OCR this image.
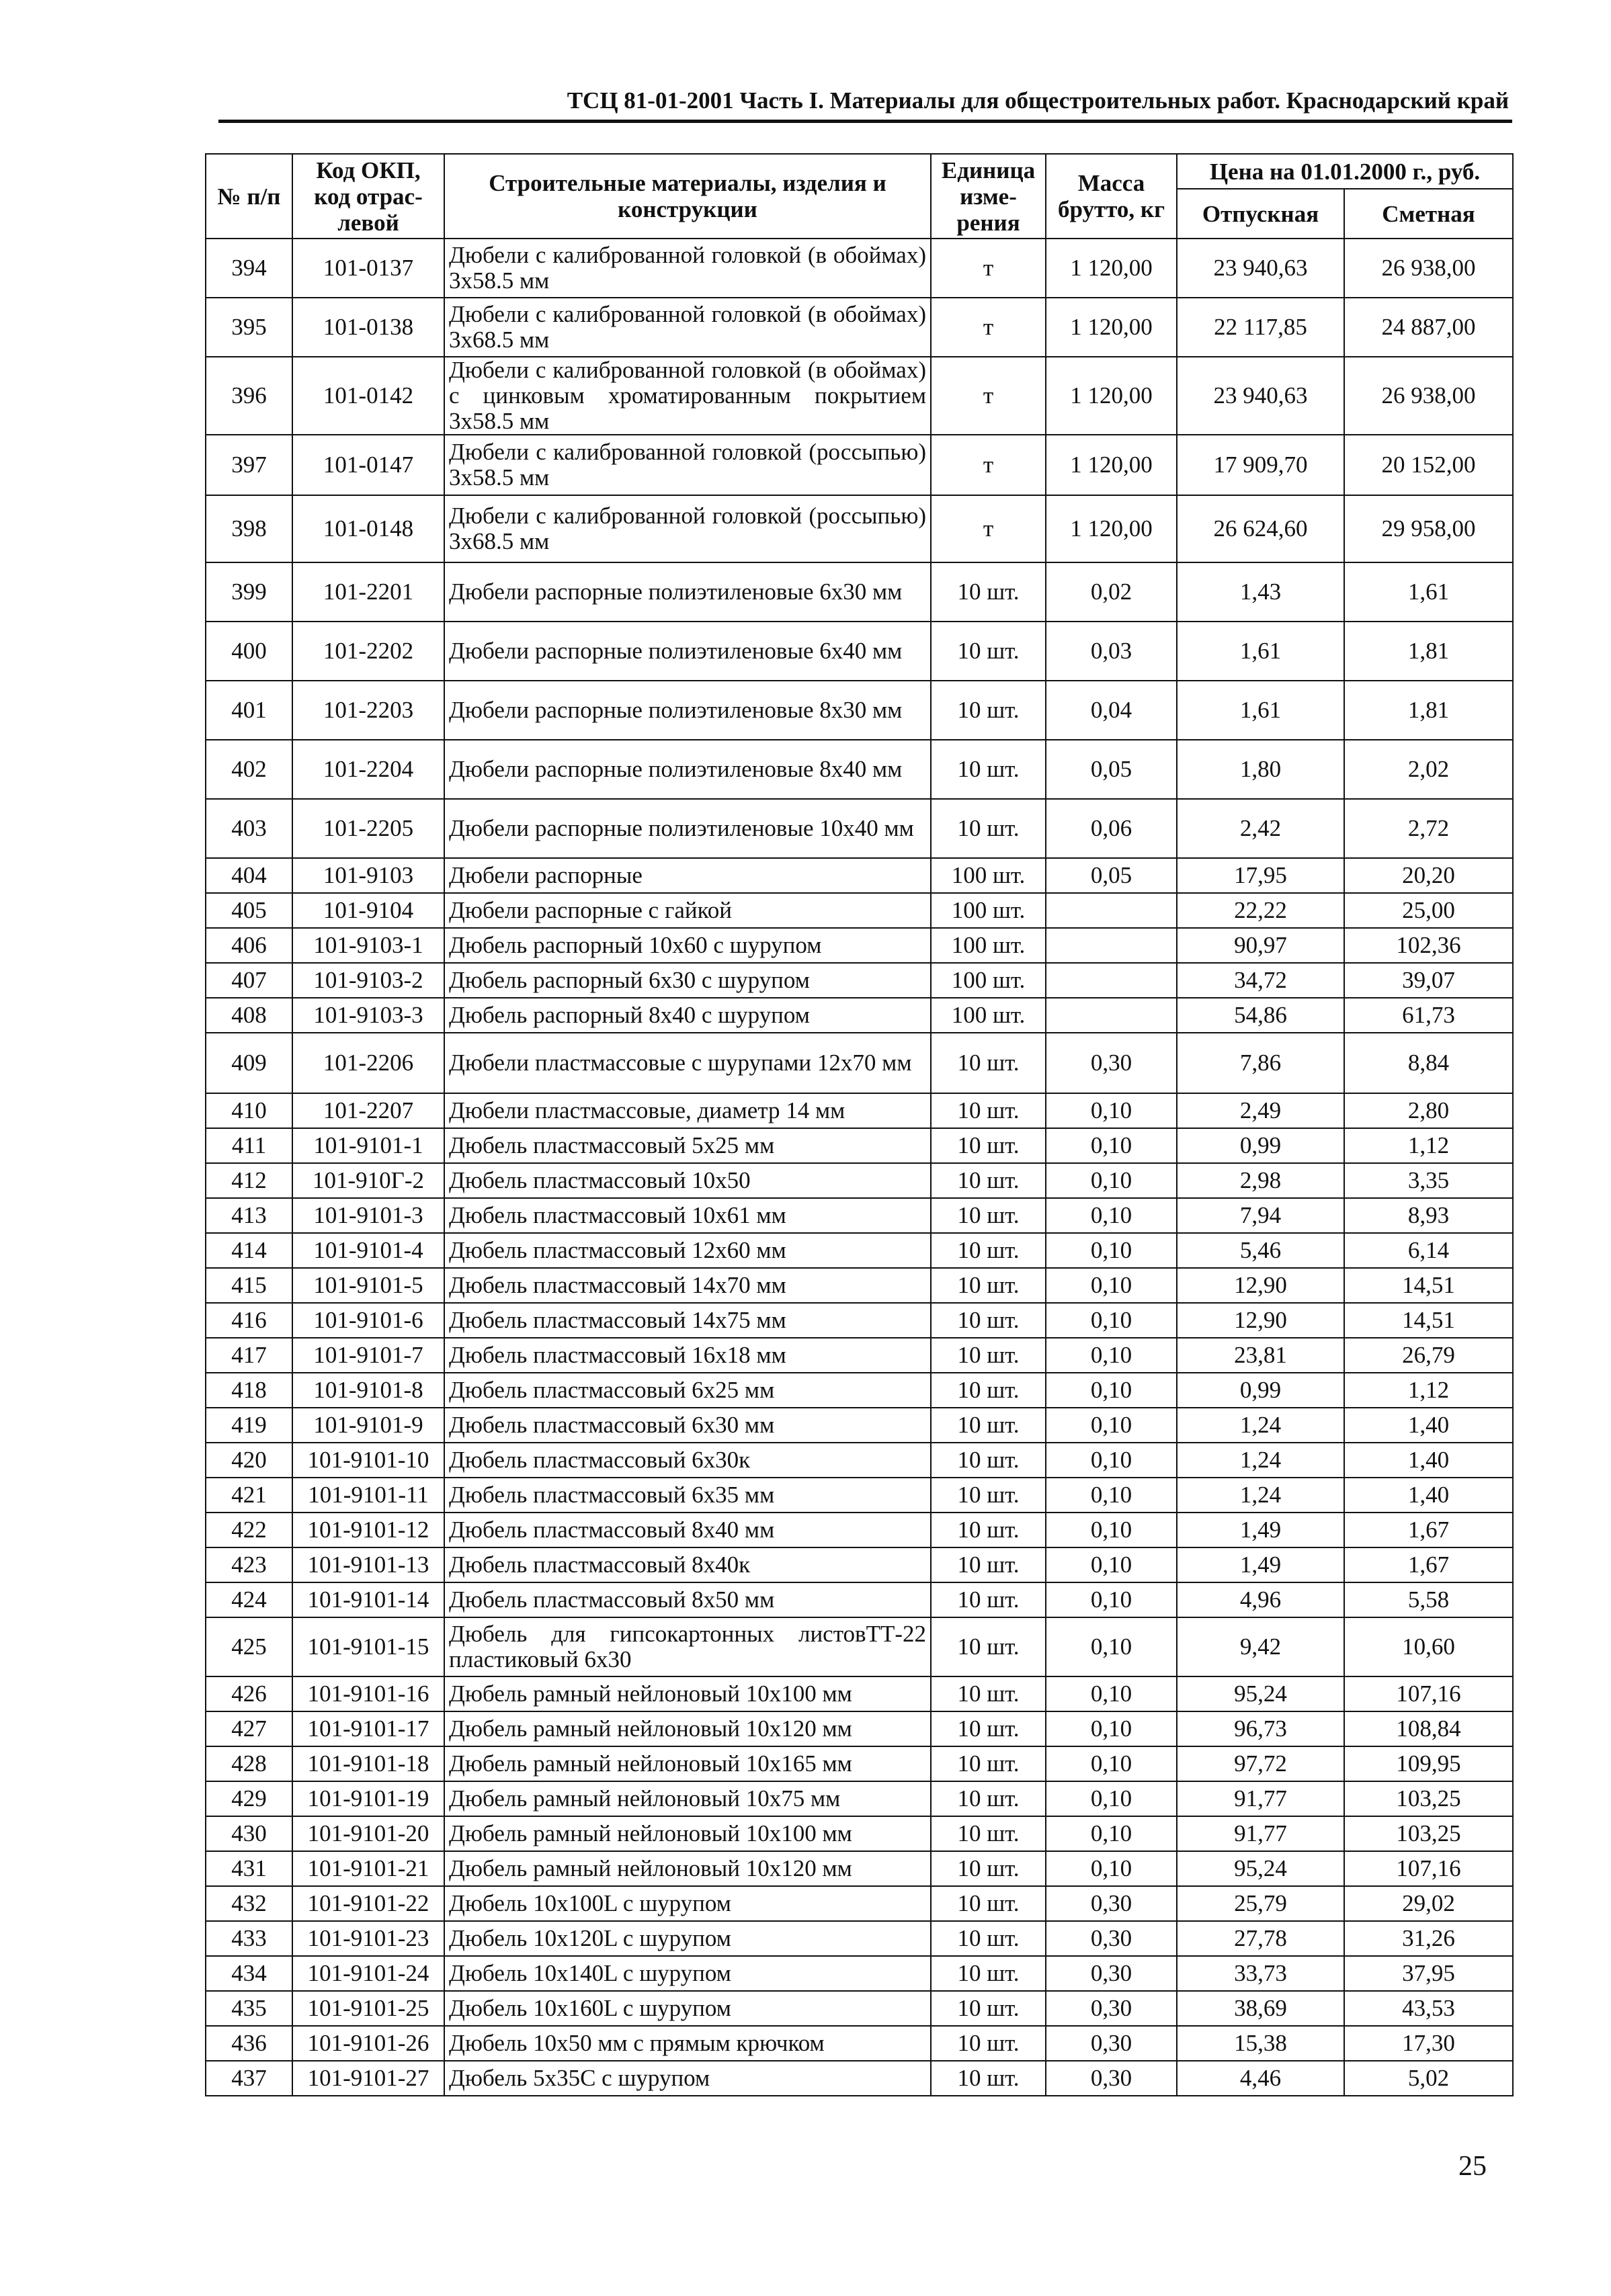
ТСЦ 81-01-2001 Часть I. Материалы для общестроительных работ. Краснодарский край
№ п/п	Код ОКП, код отрас-левой	Строительные материалы, изделия и конструкции	Единица изме-рения	Масса брутто, кг	Цена на 01.01.2000 г., руб.	
					Отпускная	Сметная
394	101-0137	Дюбели с калиброванной головкой (в обоймах) 3х58.5 мм	т	1 120,00	23 940,63	26 938,00
395	101-0138	Дюбели с калиброванной головкой (в обоймах) 3х68.5 мм	т	1 120,00	22 117,85	24 887,00
396	101-0142	Дюбели с калиброванной головкой (в обоймах) с цинковым хроматированным покрытием 3х58.5 мм	т	1 120,00	23 940,63	26 938,00
397	101-0147	Дюбели с калиброванной головкой (россыпью) 3х58.5 мм	т	1 120,00	17 909,70	20 152,00
398	101-0148	Дюбели с калиброванной головкой (россыпью) 3х68.5 мм	т	1 120,00	26 624,60	29 958,00
399	101-2201	Дюбели распорные полиэтиленовые 6х30 мм	10 шт.	0,02	1,43	1,61
400	101-2202	Дюбели распорные полиэтиленовые 6х40 мм	10 шт.	0,03	1,61	1,81
401	101-2203	Дюбели распорные полиэтиленовые 8х30 мм	10 шт.	0,04	1,61	1,81
402	101-2204	Дюбели распорные полиэтиленовые 8х40 мм	10 шт.	0,05	1,80	2,02
403	101-2205	Дюбели распорные полиэтиленовые 10х40 мм	10 шт.	0,06	2,42	2,72
404	101-9103	Дюбели распорные	100 шт.	0,05	17,95	20,20
405	101-9104	Дюбели распорные с гайкой	100 шт.		22,22	25,00
406	101-9103-1	Дюбель распорный 10х60 с шурупом	100 шт.		90,97	102,36
407	101-9103-2	Дюбель распорный 6х30 с шурупом	100 шт.		34,72	39,07
408	101-9103-3	Дюбель распорный 8х40 с шурупом	100 шт.		54,86	61,73
409	101-2206	Дюбели пластмассовые с шурупами 12х70 мм	10 шт.	0,30	7,86	8,84
410	101-2207	Дюбели пластмассовые, диаметр 14 мм	10 шт.	0,10	2,49	2,80
411	101-9101-1	Дюбель пластмассовый 5х25 мм	10 шт.	0,10	0,99	1,12
412	101-910Г-2	Дюбель пластмассовый 10х50	10 шт.	0,10	2,98	3,35
413	101-9101-3	Дюбель пластмассовый 10х61 мм	10 шт.	0,10	7,94	8,93
414	101-9101-4	Дюбель пластмассовый 12х60 мм	10 шт.	0,10	5,46	6,14
415	101-9101-5	Дюбель пластмассовый 14х70 мм	10 шт.	0,10	12,90	14,51
416	101-9101-6	Дюбель пластмассовый 14х75 мм	10 шт.	0,10	12,90	14,51
417	101-9101-7	Дюбель пластмассовый 16х18 мм	10 шт.	0,10	23,81	26,79
418	101-9101-8	Дюбель пластмассовый 6х25 мм	10 шт.	0,10	0,99	1,12
419	101-9101-9	Дюбель пластмассовый 6х30 мм	10 шт.	0,10	1,24	1,40
420	101-9101-10	Дюбель пластмассовый 6х30к	10 шт.	0,10	1,24	1,40
421	101-9101-11	Дюбель пластмассовый 6х35 мм	10 шт.	0,10	1,24	1,40
422	101-9101-12	Дюбель пластмассовый 8х40 мм	10 шт.	0,10	1,49	1,67
423	101-9101-13	Дюбель пластмассовый 8х40к	10 шт.	0,10	1,49	1,67
424	101-9101-14	Дюбель пластмассовый 8х50 мм	10 шт.	0,10	4,96	5,58
425	101-9101-15	Дюбель для гипсокартонных листовТТ-22 пластиковый 6х30	10 шт.	0,10	9,42	10,60
426	101-9101-16	Дюбель рамный нейлоновый 10х100 мм	10 шт.	0,10	95,24	107,16
427	101-9101-17	Дюбель рамный нейлоновый 10х120 мм	10 шт.	0,10	96,73	108,84
428	101-9101-18	Дюбель рамный нейлоновый 10х165 мм	10 шт.	0,10	97,72	109,95
429	101-9101-19	Дюбель рамный нейлоновый 10х75 мм	10 шт.	0,10	91,77	103,25
430	101-9101-20	Дюбель рамный нейлоновый 10х100 мм	10 шт.	0,10	91,77	103,25
431	101-9101-21	Дюбель рамный нейлоновый 10х120 мм	10 шт.	0,10	95,24	107,16
432	101-9101-22	Дюбель 10х100L с шурупом	10 шт.	0,30	25,79	29,02
433	101-9101-23	Дюбель 10х120L с шурупом	10 шт.	0,30	27,78	31,26
434	101-9101-24	Дюбель 10х140L с шурупом	10 шт.	0,30	33,73	37,95
435	101-9101-25	Дюбель 10х160L с шурупом	10 шт.	0,30	38,69	43,53
436	101-9101-26	Дюбель 10х50 мм с прямым крючком	10 шт.	0,30	15,38	17,30
437	101-9101-27	Дюбель 5х35С с шурупом	10 шт.	0,30	4,46	5,02
25
